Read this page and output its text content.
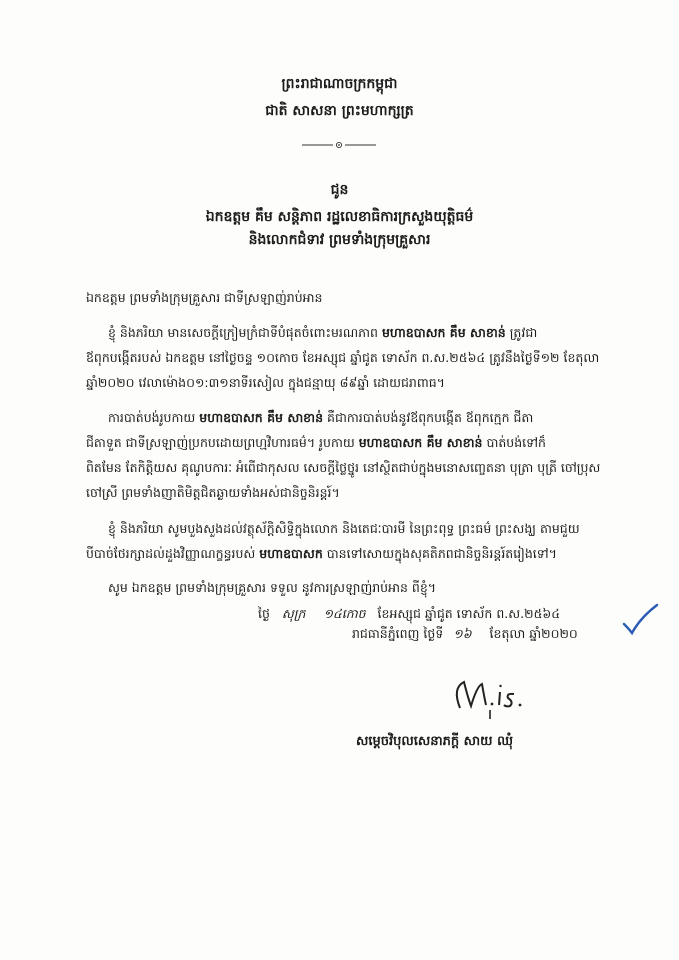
ព្រះរាជាណាចក្រកម្ពុជា
ជាតិ សាសនា ព្រះមហាក្សត្រ
ជូន
ឯកឧត្តម គឹម សន្តិភាព រដ្ឋលេខាធិការក្រសួងយុត្តិធម៌
និងលោកជំទាវ ព្រមទាំងក្រុមគ្រួសារ
ឯកឧត្តម ព្រមទាំងក្រុមគ្រួសារ ជាទីស្រឡាញ់រាប់អាន
ខ្ញុំ និងភរិយា មានសេចក្តីក្រៀមក្រំជាទីបំផុតចំពោះមរណភាព មហាឧបាសក គឹម សាខាន់ ត្រូវជា
ឪពុកបង្កើតរបស់ ឯកឧត្តម នៅថ្ងៃចន្ទ ១០កោច ខែអស្សុជ ឆ្នាំជូត ទោស័ក ព.ស.២៥៦៤ ត្រូវនឹងថ្ងៃទី១២ ខែតុលា
ឆ្នាំ២០២០ វេលាម៉ោង០១:៣១នាទីរសៀល ក្នុងជន្មាយុ ៨៩ឆ្នាំ ដោយជរាពាធ។
ការបាត់បង់រូបកាយ មហាឧបាសក គឹម សាខាន់ គឺជាការបាត់បង់នូវឪពុកបង្កើត ឪពុកក្មេក ជីតា
ជីតាទួត ជាទីស្រឡាញ់ប្រកបដោយព្រហ្មវិហារធម៌។ រូបកាយ មហាឧបាសក គឹម សាខាន់ បាត់បង់ទៅក៏
ពិតមែន តែកិត្តិយស គុណូបការៈ អំពើជាកុសល សេចក្តីថ្លៃថ្នូរ នៅស្ថិតជាប់ក្នុងមនោសញ្ចេតនា បុត្រា បុត្រី ចៅប្រុស
ចៅស្រី ព្រមទាំងញាតិមិត្តជិតឆ្ងាយទាំងអស់ជានិច្ចនិរន្តរ៍។
ខ្ញុំ និងភរិយា សូមបួងសួងដល់វត្ថុស័ក្តិសិទ្ធិក្នុងលោក និងតេជៈបារមី នៃព្រះពុទ្ធ ព្រះធម៌ ព្រះសង្ឃ តាមជួយ
បីបាច់ថែរក្សាដល់ដួងវិញ្ញាណក្ខន្ធរបស់ មហាឧបាសក បានទៅសោយក្នុងសុគតិភពជានិច្ចនិរន្តរ៍តរៀងទៅ។
សូម ឯកឧត្តម ព្រមទាំងក្រុមគ្រួសារ ទទួល នូវការស្រឡាញ់រាប់អាន ពីខ្ញុំ។
ថ្ងៃ សុក្រ ១៤កោច ខែអស្សុជ ឆ្នាំជូត ទោស័ក ព.ស.២៥៦៤
រាជធានីភ្នំពេញ ថ្ងៃទី ១៦ ខែតុលា ឆ្នាំ២០២០
សម្តេចវិបុលសេនាភក្តី សាយ ឈុំ
